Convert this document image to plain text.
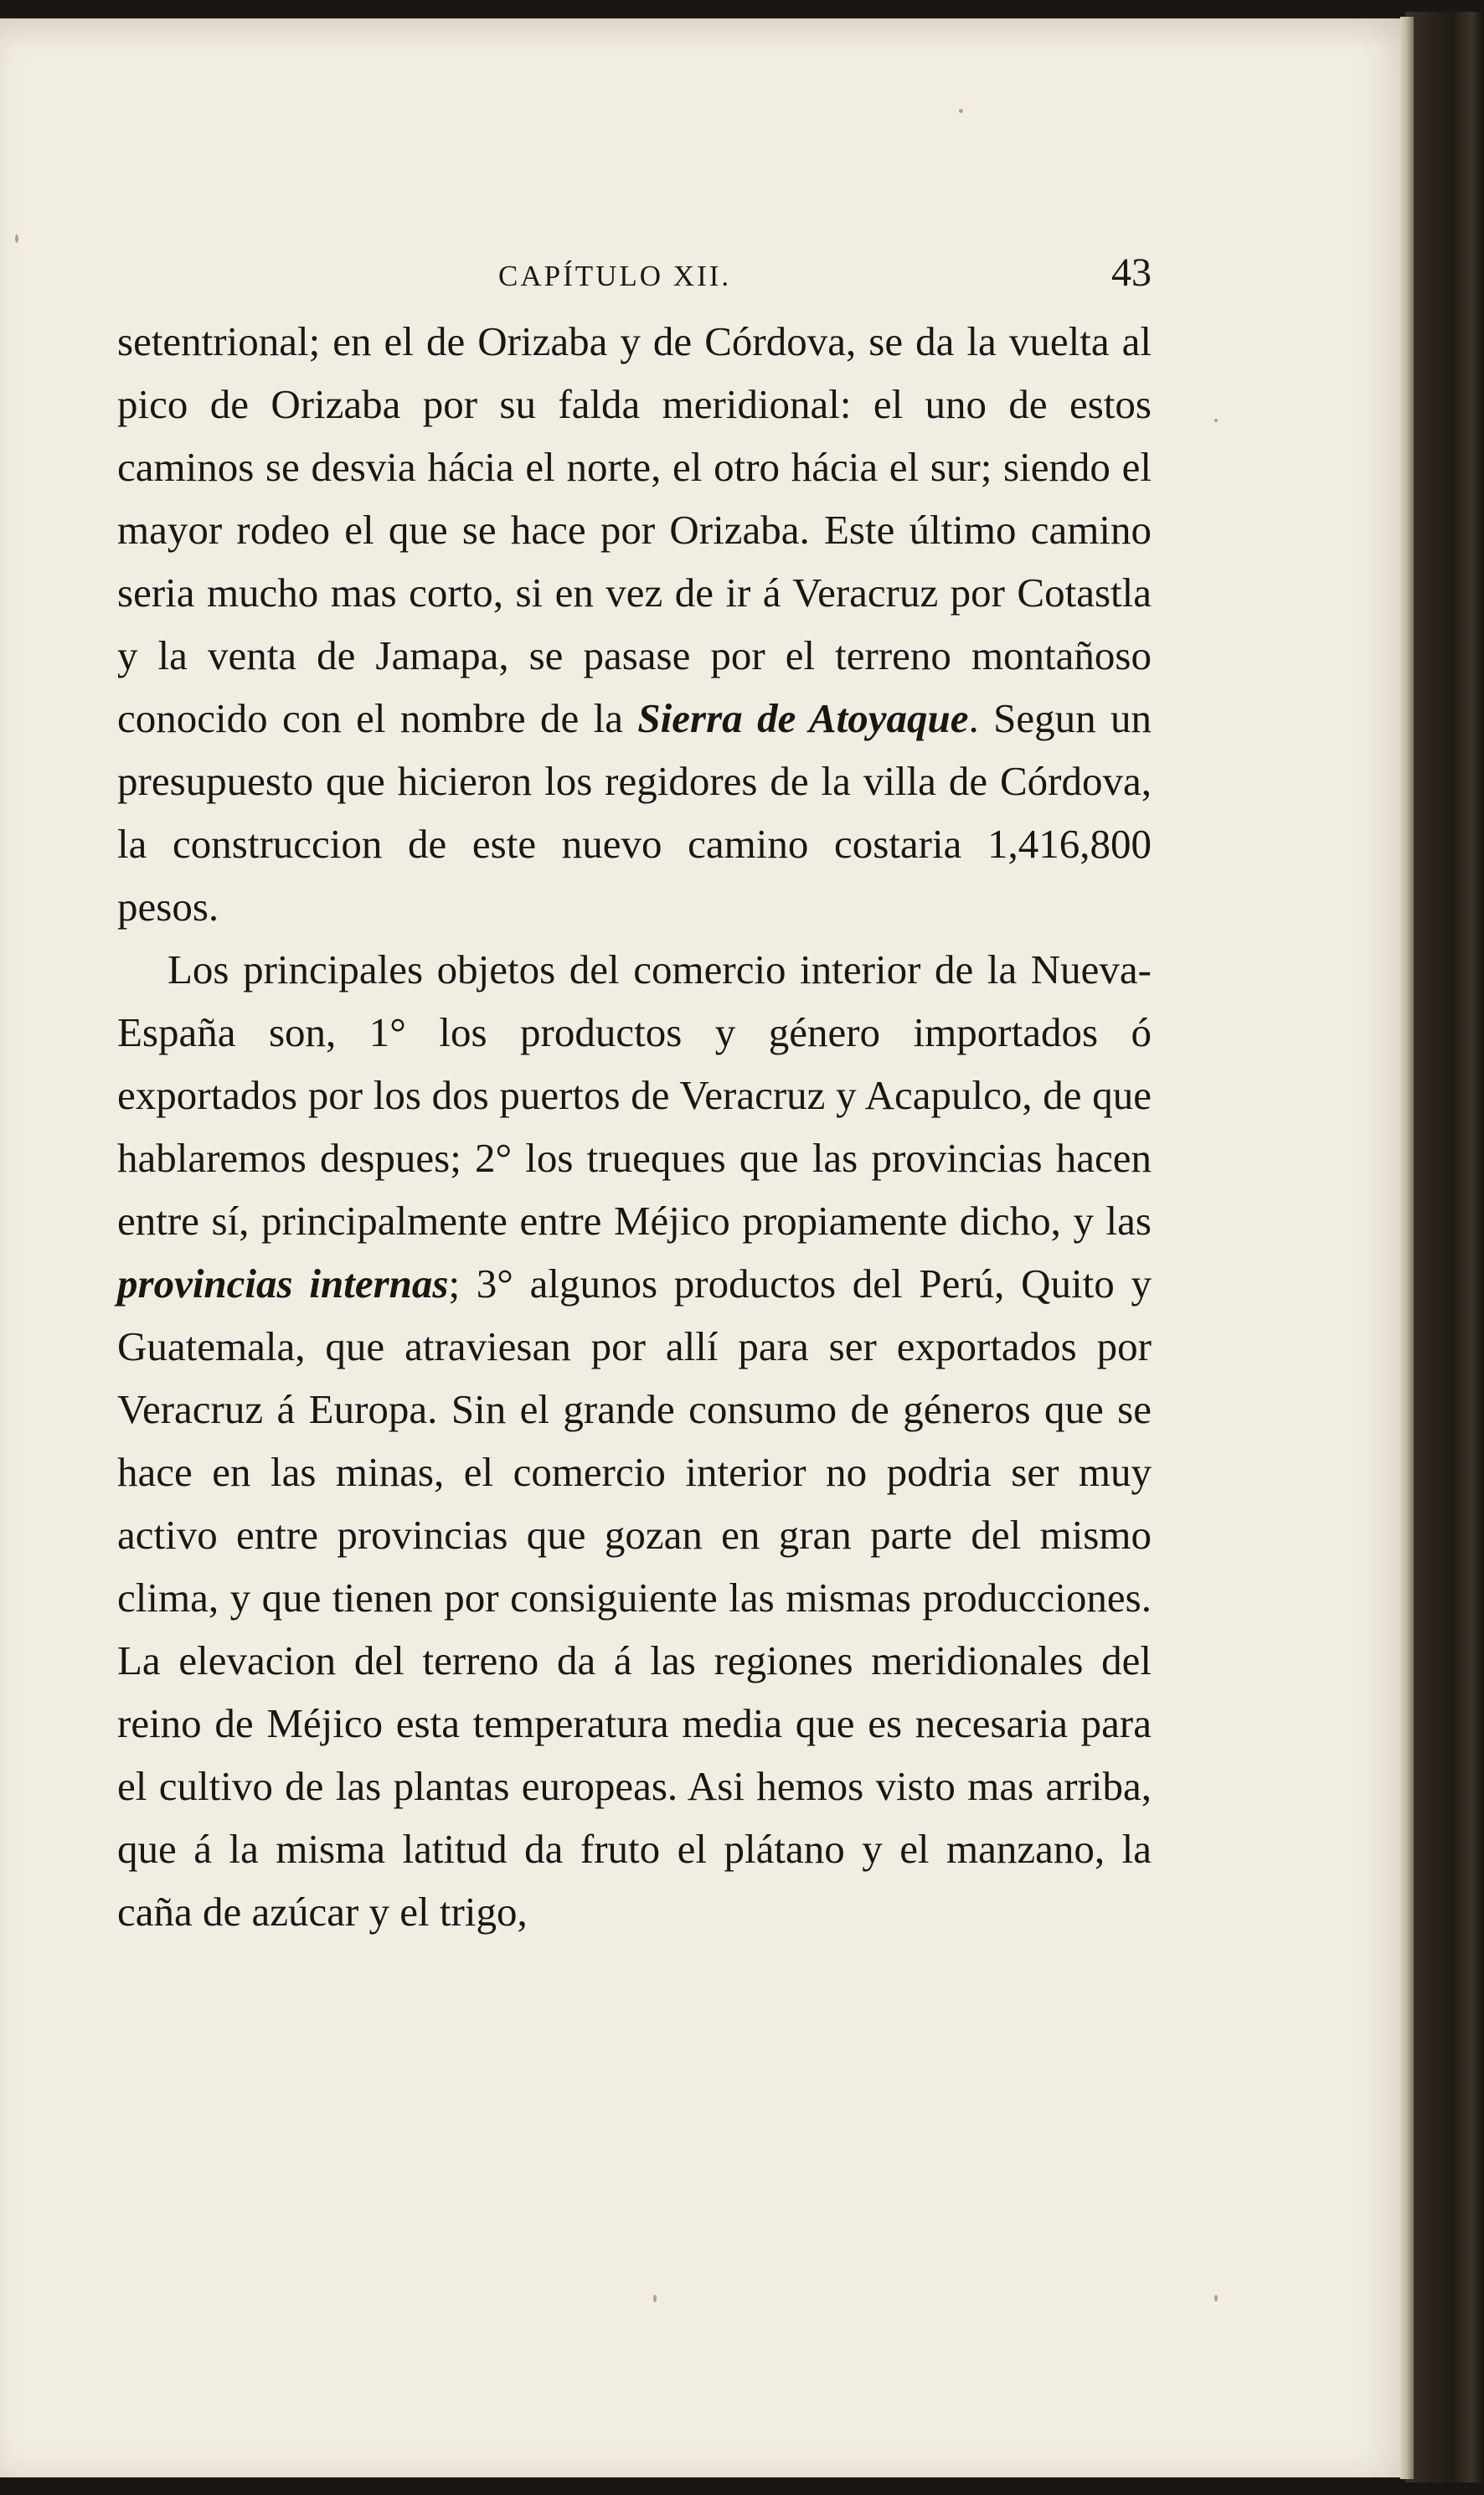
CAPÍTULO XII.	43

setentrional; en el de Orizaba y de Córdova, se da la vuelta al pico de Orizaba por su falda meridional: el uno de estos caminos se desvia hácia el norte, el otro hácia el sur; siendo el mayor rodeo el que se hace por Orizaba. Este último camino seria mucho mas corto, si en vez de ir á Veracruz por Cotastla y la venta de Jamapa, se pasase por el terreno montañoso conocido con el nombre de la Sierra de Atoyaque. Segun un presupuesto que hicieron los regidores de la villa de Córdova, la construccion de este nuevo camino costaria 1,416,800 pesos.

Los principales objetos del comercio interior de la Nueva-España son, 1° los productos y género importados ó exportados por los dos puertos de Veracruz y Acapulco, de que hablaremos despues; 2° los trueques que las provincias hacen entre sí, principalmente entre Méjico propiamente dicho, y las provincias internas; 3° algunos productos del Perú, Quito y Guatemala, que atraviesan por allí para ser exportados por Veracruz á Europa. Sin el grande consumo de géneros que se hace en las minas, el comercio interior no podria ser muy activo entre provincias que gozan en gran parte del mismo clima, y que tienen por consiguiente las mismas producciones. La elevacion del terreno da á las regiones meridionales del reino de Méjico esta temperatura media que es necesaria para el cultivo de las plantas europeas. Asi hemos visto mas arriba, que á la misma latitud da fruto el plátano y el manzano, la caña de azúcar y el trigo,
